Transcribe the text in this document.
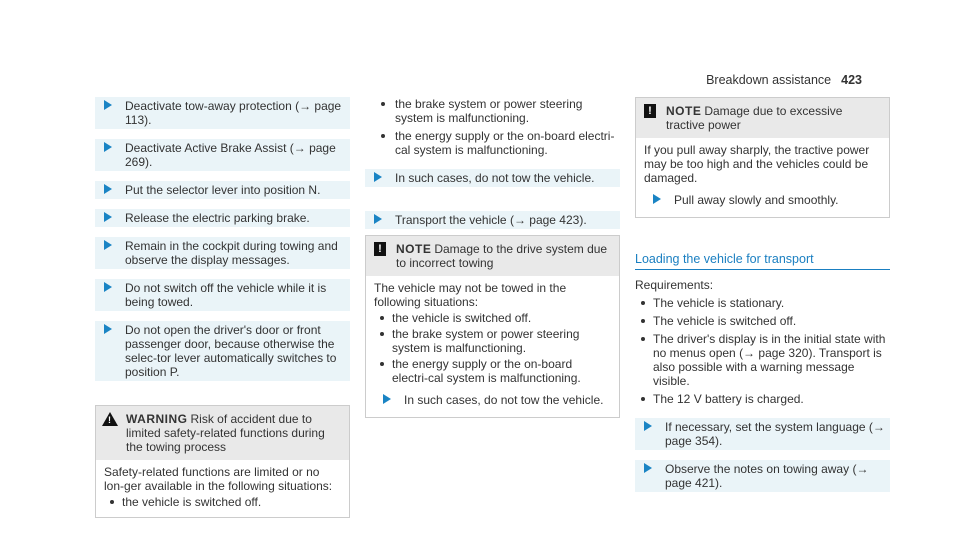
Breakdown assistance 423

Deactivate tow-away protection (→ page 113).

Deactivate Active Brake Assist (→ page 269).

Put the selector lever into position N.

Release the electric parking brake.

Remain in the cockpit during towing and observe the display messages.

Do not switch off the vehicle while it is being towed.

Do not open the driver's door or front passenger door, because otherwise the selec-tor lever automatically switches to position P.

!
WARNING Risk of accident due to limited safety-related functions during the towing process

Safety-related functions are limited or no lon-ger available in the following situations:

the vehicle is switched off.
the brake system or power steering system is malfunctioning.
the energy supply or the on-board electri-cal system is malfunctioning.

In such cases, do not tow the vehicle.

Transport the vehicle (→ page 423).

!	NOTE Damage to the drive system due to incorrect towing

The vehicle may not be towed in the following situations:

the vehicle is switched off.
the brake system or power steering system is malfunctioning.
the energy supply or the on-board electri-cal system is malfunctioning.

In such cases, do not tow the vehicle.

!	NOTE Damage due to excessive tractive power

If you pull away sharply, the tractive power may be too high and the vehicles could be damaged.

Pull away slowly and smoothly.

Loading the vehicle for transport

Requirements:

The vehicle is stationary.
The vehicle is switched off.
The driver's display is in the initial state with no menus open (→ page 320). Transport is also possible with a warning message visible.
The 12 V battery is charged.

If necessary, set the system language (→ page 354).

Observe the notes on towing away (→ page 421).
